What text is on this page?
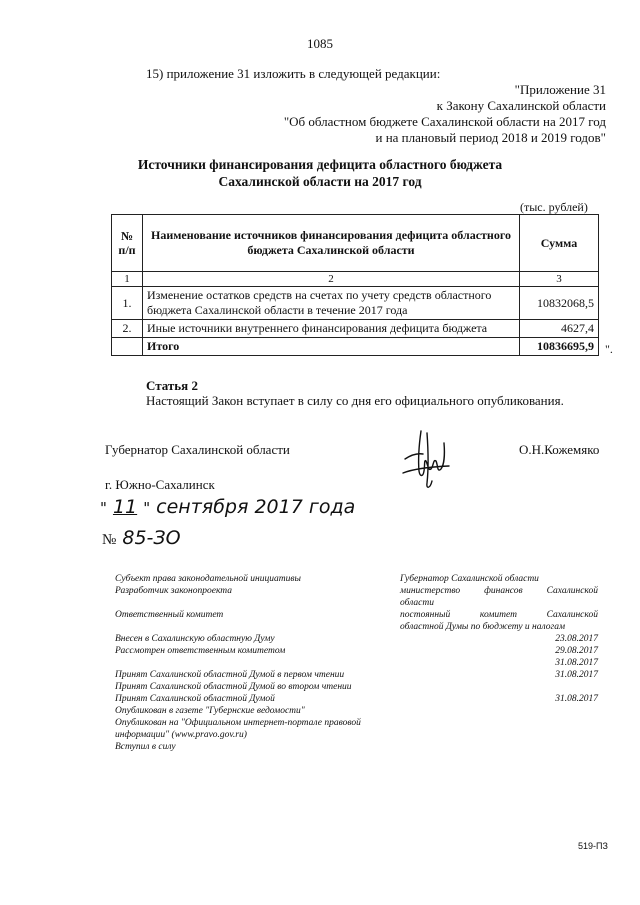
1085
15) приложение 31 изложить в следующей редакции:
"Приложение 31
к Закону Сахалинской области
"Об областном бюджете Сахалинской области на 2017 год
и на плановый период 2018 и 2019 годов"
Источники финансирования дефицита областного бюджета
Сахалинской области на 2017 год
(тыс. рублей)
№ п/п	Наименование источников финансирования дефицита областного бюджета Сахалинской области	Сумма
1	2	3
1.	Изменение остатков средств на счетах по учету средств областного бюджета Сахалинской области в течение 2017 года	10832068,5
2.	Иные источники внутреннего финансирования дефицита бюджета	4627,4
	Итого	10836695,9 ".
Статья 2
Настоящий Закон вступает в силу со дня его официального опубликования.
Губернатор Сахалинской области	О.Н.Кожемяко
г. Южно-Сахалинск
" 11 " сентября 2017 года
№ 85-ЗО
Субъект права законодательной инициативы	Губернатор Сахалинской области
Разработчик законопроекта	министерство финансов Сахалинской
области
Ответственный комитет	постоянный комитет Сахалинской
областной Думы по бюджету и налогам
Внесен в Сахалинскую областную Думу	23.08.2017
Рассмотрен ответственным комитетом	29.08.2017
31.08.2017
Принят Сахалинской областной Думой в первом чтении	31.08.2017
Принят Сахалинской областной Думой во втором чтении
Принят Сахалинской областной Думой	31.08.2017
Опубликован в газете "Губернские ведомости"
Опубликован на "Официальном интернет-портале правовой
информации" (www.pravo.gov.ru)
Вступил в силу
519-ПЗ
